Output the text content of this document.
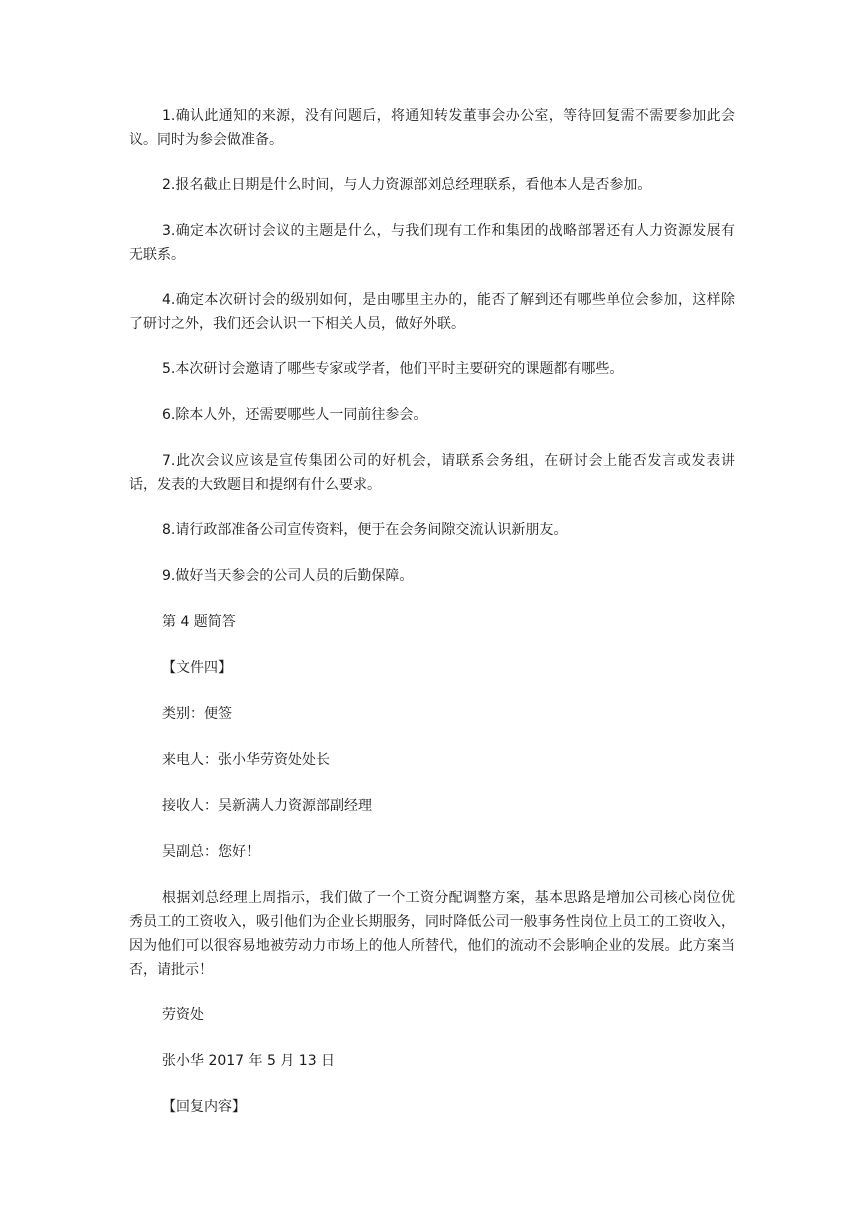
1.确认此通知的来源，没有问题后，将通知转发董事会办公室，等待回复需不需要参加此会议。同时为参会做准备。

2.报名截止日期是什么时间，与人力资源部刘总经理联系，看他本人是否参加。

3.确定本次研讨会议的主题是什么，与我们现有工作和集团的战略部署还有人力资源发展有无联系。

4.确定本次研讨会的级别如何，是由哪里主办的，能否了解到还有哪些单位会参加，这样除了研讨之外，我们还会认识一下相关人员，做好外联。

5.本次研讨会邀请了哪些专家或学者，他们平时主要研究的课题都有哪些。

6.除本人外，还需要哪些人一同前往参会。

7.此次会议应该是宣传集团公司的好机会，请联系会务组，在研讨会上能否发言或发表讲话，发表的大致题目和提纲有什么要求。

8.请行政部准备公司宣传资料，便于在会务间隙交流认识新朋友。

9.做好当天参会的公司人员的后勤保障。

第 4 题简答

【文件四】

类别：便签

来电人：张小华劳资处处长

接收人：吴新满人力资源部副经理

吴副总：您好！

根据刘总经理上周指示，我们做了一个工资分配调整方案，基本思路是增加公司核心岗位优秀员工的工资收入，吸引他们为企业长期服务，同时降低公司一般事务性岗位上员工的工资收入，因为他们可以很容易地被劳动力市场上的他人所替代，他们的流动不会影响企业的发展。此方案当否，请批示！

劳资处

张小华 2017 年 5 月 13 日

【回复内容】
